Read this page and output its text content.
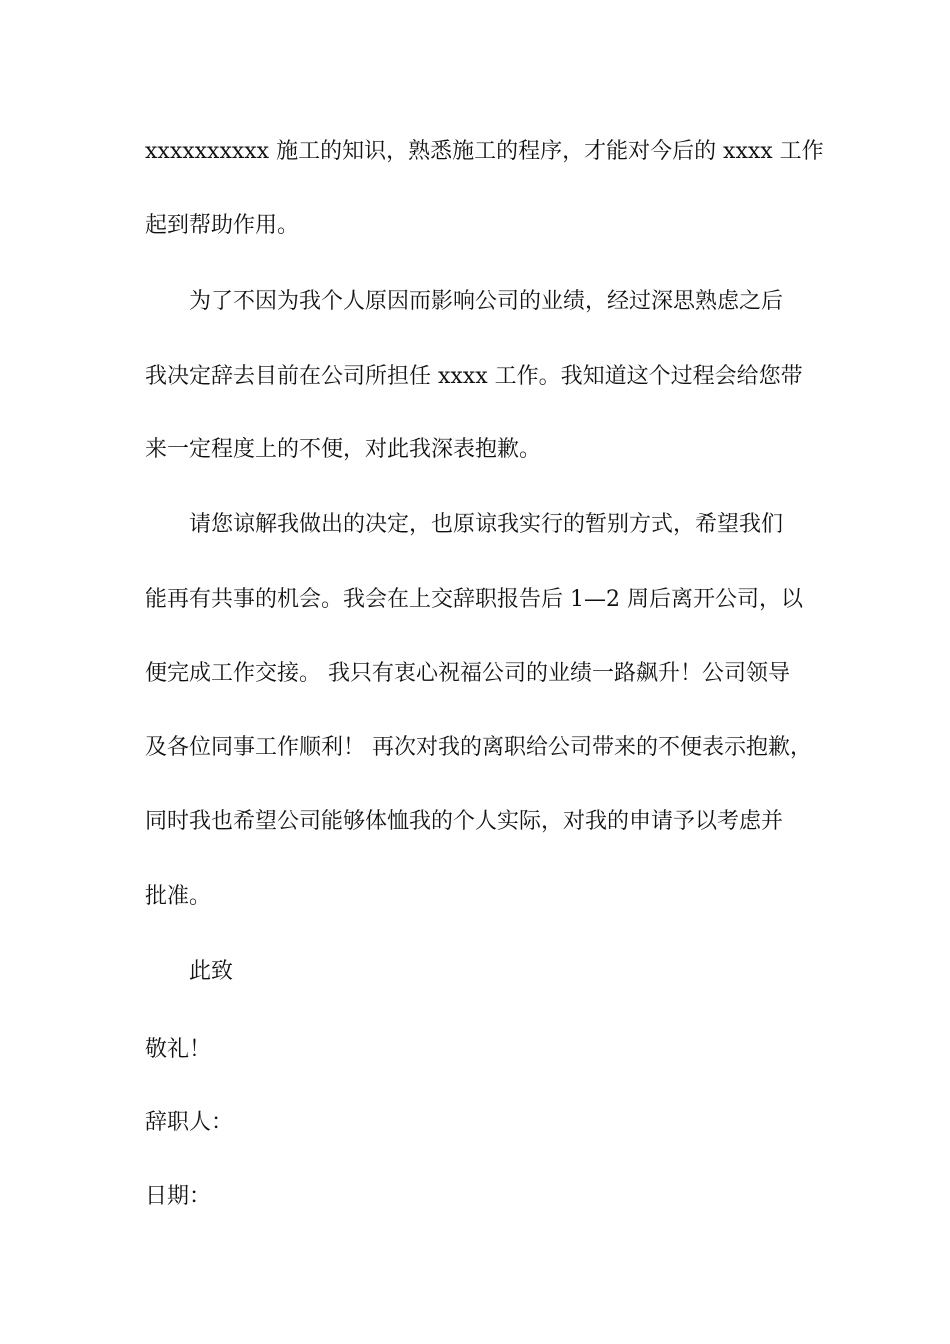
xxxxxxxxxx 施工的知识，熟悉施工的程序，才能对今后的 xxxx 工作
起到帮助作用。
为了不因为我个人原因而影响公司的业绩，经过深思熟虑之后
我决定辞去目前在公司所担任 xxxx 工作。我知道这个过程会给您带
来一定程度上的不便，对此我深表抱歉。
请您谅解我做出的决定，也原谅我实行的暂别方式，希望我们
能再有共事的机会。我会在上交辞职报告后 1—2 周后离开公司，以
便完成工作交接。 我只有衷心祝福公司的业绩一路飙升！公司领导
及各位同事工作顺利！ 再次对我的离职给公司带来的不便表示抱歉，
同时我也希望公司能够体恤我的个人实际，对我的申请予以考虑并
批准。
此致
敬礼！
辞职人：
日期：
